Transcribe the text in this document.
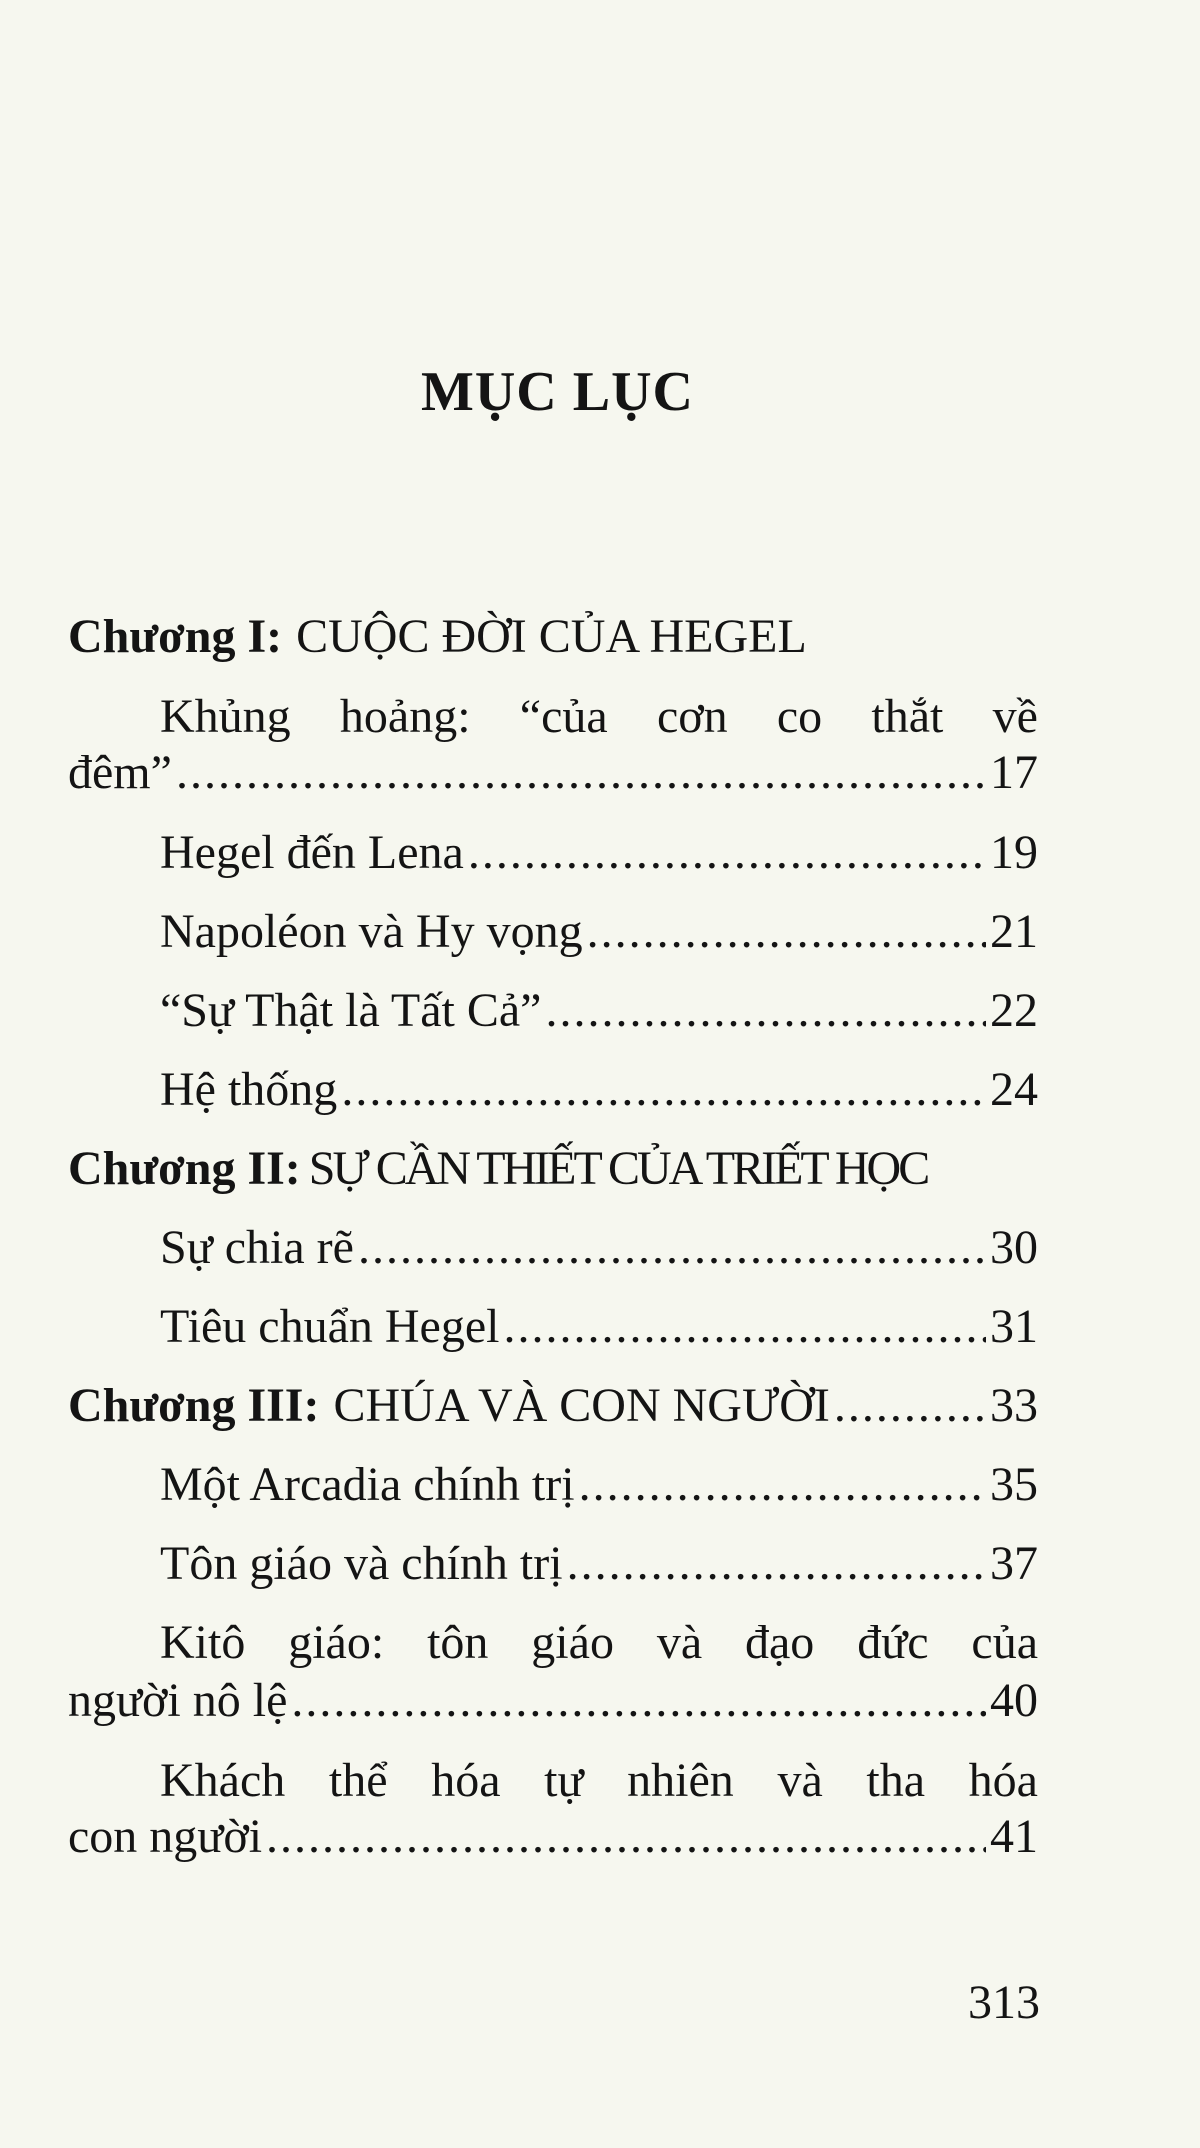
MỤC LỤC
Chương I: CUỘC ĐỜI CỦA HEGEL
Khủng hoảng: “của cơn co thắt về
đêm” .....	17
Hegel đến Lena .....	19
Napoléon và Hy vọng .....	21
“Sự Thật là Tất Cả” .....	22
Hệ thống .....	24
Chương II: SỰ CẦN THIẾT CỦA TRIẾT HỌC
Sự chia rẽ .....	30
Tiêu chuẩn Hegel .....	31
Chương III: CHÚA VÀ CON NGƯỜI .....	33
Một Arcadia chính trị .....	35
Tôn giáo và chính trị .....	37
Kitô giáo: tôn giáo và đạo đức của
người nô lệ .....	40
Khách thể hóa tự nhiên và tha hóa
con người .....	41
313
